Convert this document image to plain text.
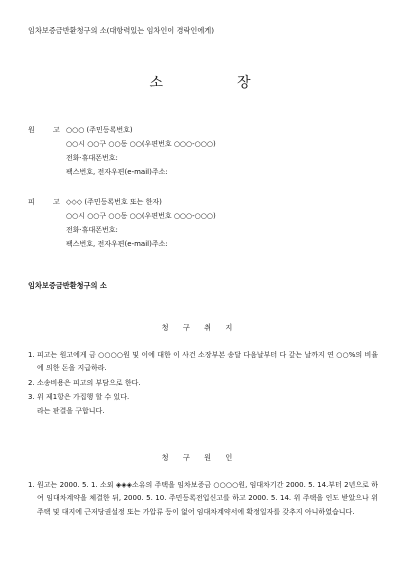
임차보증금반환청구의 소(대항력있는 임차인이 경락인에게)
소장
원 고
○○○ (주민등록번호)
○○시 ○○구 ○○동 ○○(우편번호 ○○○-○○○)
전화·휴대폰번호:
팩스번호, 전자우편(e-mail)주소:
피 고
◇◇◇ (주민등록번호 또는 한자)
○○시 ○○구 ○○동 ○○(우편번호 ○○○-○○○)
전화·휴대폰번호:
팩스번호, 전자우편(e-mail)주소:
임차보증금반환청구의 소
청 구 취 지
1. 피고는 원고에게 금 ○○○○원 및 이에 대한 이 사건 소장부본 송달 다음날부터 다 갚는 날까지 연 ○○%의 비율에 의한 돈을 지급하라.
2. 소송비용은 피고의 부담으로 한다.
3. 위 제1항은 가집행 할 수 있다.
라는 판결을 구합니다.
청 구 원 인
1. 원고는 2000. 5. 1. 소외 ◈◈◈소유의 주택을 임차보증금 ○○○○원, 임대차기간 2000. 5. 14.부터 2년으로 하여 임대차계약을 체결한 뒤, 2000. 5. 10. 주민등록전입신고를 하고 2000. 5. 14. 위 주택을 인도 받았으나 위 주택 및 대지에 근저당권설정 또는 가압류 등이 없어 임대차계약서에 확정일자를 갖추지 아니하였습니다.
